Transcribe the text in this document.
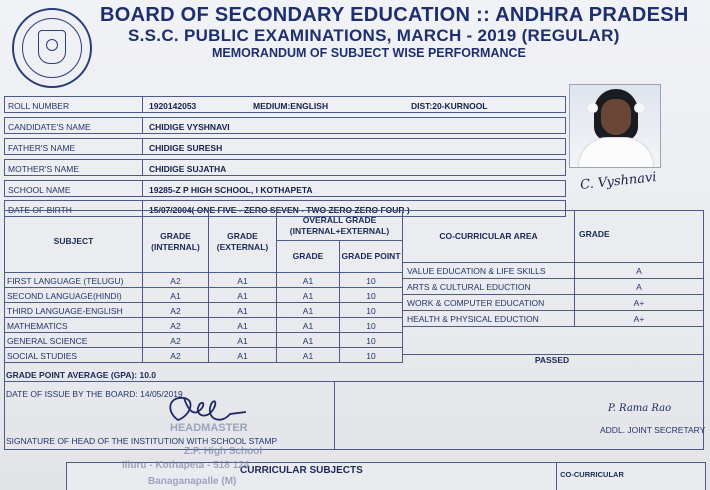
BOARD OF SECONDARY EDUCATION :: ANDHRA PRADESH
S.S.C. PUBLIC EXAMINATIONS, MARCH - 2019 (REGULAR)
MEMORANDUM OF SUBJECT WISE PERFORMANCE
C. Vyshnavi
ROLL NUMBER	1920142053	MEDIUM:ENGLISH	DIST:20-KURNOOL
CANDIDATE'S NAME	CHIDIGE VYSHNAVI
FATHER'S NAME	CHIDIGE SURESH
MOTHER'S NAME	CHIDIGE SUJATHA
SCHOOL NAME	19285-Z P HIGH SCHOOL, I KOTHAPETA
DATE OF BIRTH	15/07/2004( ONE FIVE - ZERO SEVEN - TWO ZERO ZERO FOUR )
SUBJECT
GRADE (INTERNAL)
GRADE (EXTERNAL)
OVERALL GRADE (INTERNAL+EXTERNAL)
GRADE	GRADE POINT
CO-CURRICULAR AREA	GRADE
FIRST LANGUAGE (TELUGU)	A2	A1	A1	10
SECOND LANGUAGE(HINDI)	A1	A1	A1	10
THIRD LANGUAGE-ENGLISH	A2	A1	A1	10
MATHEMATICS	A2	A1	A1	10
GENERAL SCIENCE	A2	A1	A1	10
SOCIAL STUDIES	A2	A1	A1	10
VALUE EDUCATION & LIFE SKILLS	A
ARTS & CULTURAL EDUCTION	A
WORK & COMPUTER EDUCATION	A+
HEALTH & PHYSICAL EDUCTION	A+
PASSED
GRADE POINT AVERAGE (GPA): 10.0
DATE OF ISSUE BY THE BOARD: 14/05/2019
HEADMASTER
SIGNATURE OF HEAD OF THE INSTITUTION WITH SCHOOL STAMP
Z.P. High School
P. Rama Rao
ADDL. JOINT SECRETARY
CURRICULAR SUBJECTS	CO-CURRICULAR
Illuru - Kothapeta - 518 124
Banaganapalle (M)
